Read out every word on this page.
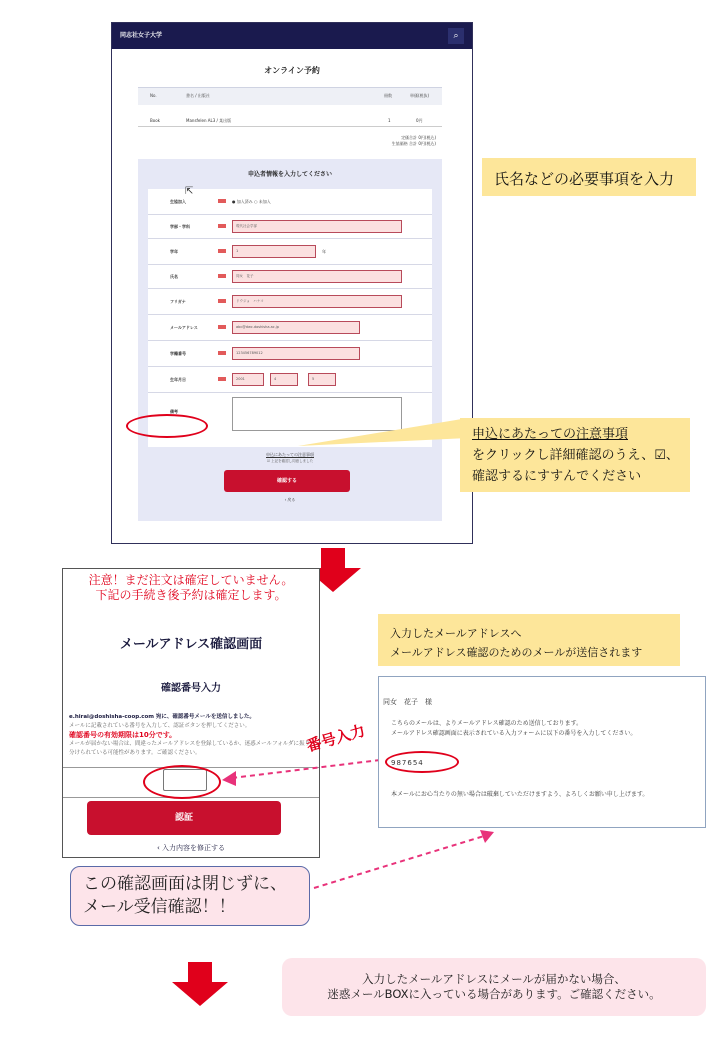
同志社女子大学	⌕
オンライン予約
No.	書名 / 出版社	冊数	単価(税抜)
Book	Mansfelen AL3 / 某出版	1	0円
定価合計 0円(税込)
生協価格 合計 0円(税込)
申込者情報を入力してください
生協加入	● 加入済み ○ 未加入
学部・学科	現代社会学部
学年	1	年
氏名	同女　花子
フリガナ	ドウジョ　ハナコ
メールアドレス	abc@dwc.doshisha.ac.jp
学籍番号	123456789012
生年月日	2001	4	5
備考
申込にあたっての注意事項
☑ 上記を確認し同意しました
確認する
‹ 戻る
⇱
氏名などの必要事項を入力
申込にあたっての注意事項
をクリックし詳細確認のうえ、☑、
確認するにすすんでください
注意！まだ注文は確定していません。
下記の手続き後予約は確定します。
メールアドレス確認画面
確認番号入力
e.hirai@doshisha-coop.com 宛に、確認番号メールを送信しました。
メールに記載されている番号を入力して、認証ボタンを押してください。
確認番号の有効期限は10分です。
メールが届かない場合は、間違ったメールアドレスを登録しているか、迷惑メールフォルダに振り分けられている可能性があります。ご確認ください。
認証
‹ 入力内容を修正する
番号入力
入力したメールアドレスへ
メールアドレス確認のためのメールが送信されます
同女　花子　 様
こちらのメールは、よりメールアドレス確認のため送信しております。
メールアドレス確認画面に表示されている入力フォームに以下の番号を入力してください。
987654
本メールにお心当たりの無い場合は破棄していただけますよう、よろしくお願い申し上げます。
この確認画面は閉じずに、
メール受信確認！！
入力したメールアドレスにメールが届かない場合、
迷惑メールBOXに入っている場合があります。ご確認ください。
